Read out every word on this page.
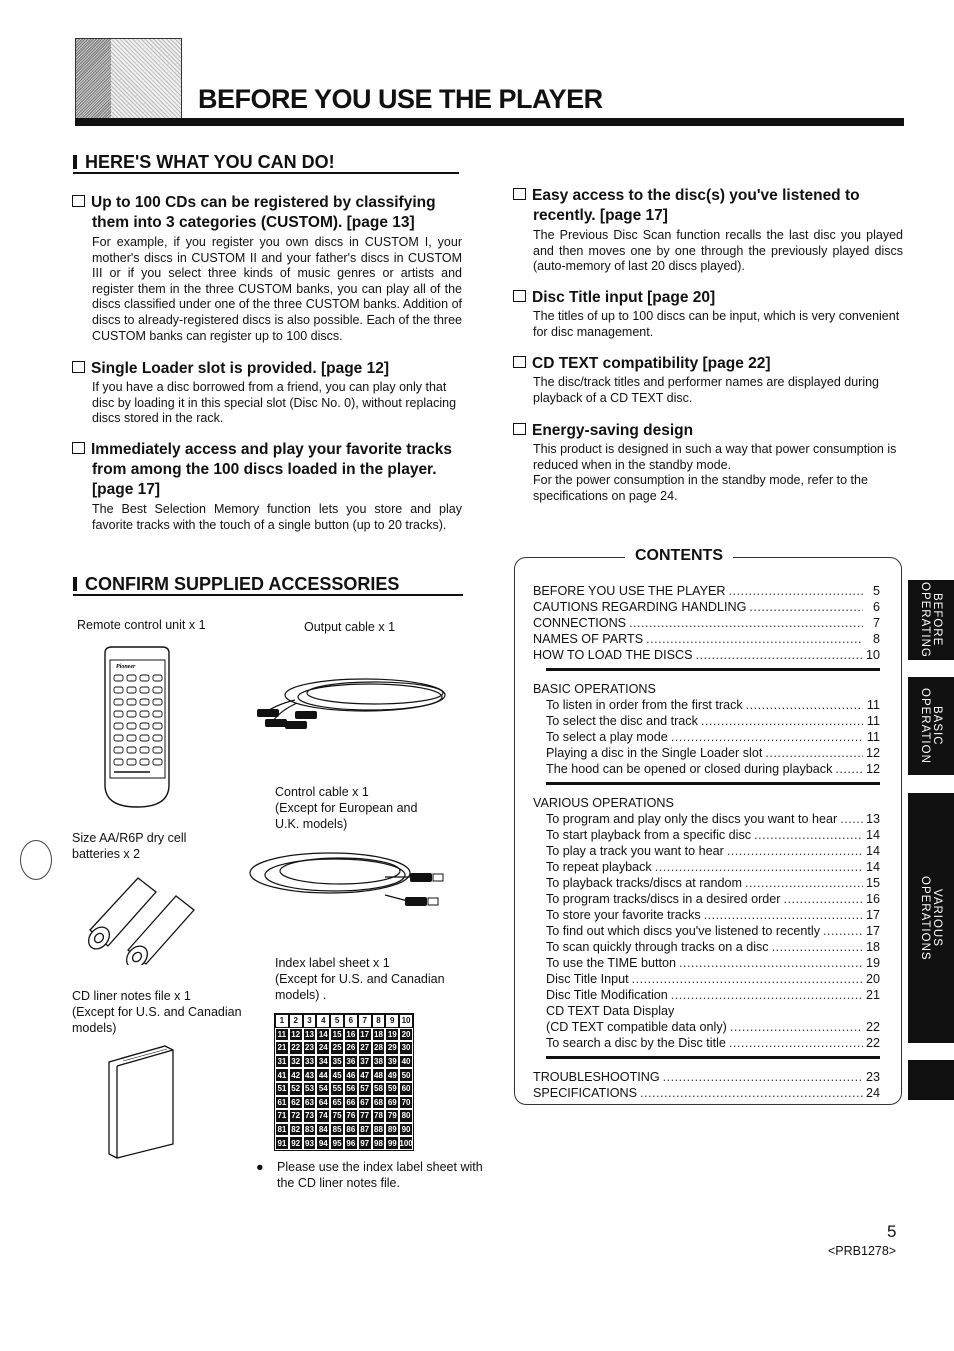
BEFORE YOU USE THE PLAYER
HERE'S WHAT YOU CAN DO!
Up to 100 CDs can be registered by classifying them into 3 categories (CUSTOM). [page 13]
For example, if you register you own discs in CUSTOM I, your mother's discs in CUSTOM II and your father's discs in CUSTOM III or if you select three kinds of music genres or artists and register them in the three CUSTOM banks, you can play all of the discs classified under one of the three CUSTOM banks. Addition of discs to already-registered discs is also possible. Each of the three CUSTOM banks can register up to 100 discs.
Single Loader slot is provided. [page 12]
If you have a disc borrowed from a friend, you can play only that disc by loading it in this special slot (Disc No. 0), without replacing discs stored in the rack.
Immediately access and play your favorite tracks from among the 100 discs loaded in the player. [page 17]
The Best Selection Memory function lets you store and play favorite tracks with the touch of a single button (up to 20 tracks).
Easy access to the disc(s) you've listened to recently. [page 17]
The Previous Disc Scan function recalls the last disc you played and then moves one by one through the previously played discs (auto-memory of last 20 discs played).
Disc Title input [page 20]
The titles of up to 100 discs can be input, which is very convenient for disc management.
CD TEXT compatibility [page 22]
The disc/track titles and performer names are displayed during playback of a CD TEXT disc.
Energy-saving design
This product is designed in such a way that power consumption is reduced when in the standby mode.
For the power consumption in the standby mode, refer to the specifications on page 24.
CONFIRM SUPPLIED ACCESSORIES
Remote control unit x 1	Output cable x 1
Pioneer
Control cable x 1
(Except for European and U.K. models)
Size AA/R6P dry cell batteries x 2
CD liner notes file x 1
(Except for U.S. and Canadian models)
Index label sheet x 1
(Except for U.S. and Canadian models) .
1	2	3	4	5	6	7	8	9 10
11 12 13 14 15 16 17 18 19 20
21 22 23 24 25 26 27 28 29 30
31 32 33 34 35 36 37 38 39 40
41 42 43 44 45 46 47 48 49 50
51 52 53 54 55 56 57 58 59 60
61 62 63 64 65 66 67 68 69 70
71 72 73 74 75 76 77 78 79 80
81 82 83 84 85 86 87 88 89 90
91 92 93 94 95 96 97 98 99 100
● Please use the index label sheet with the CD liner notes file.
CONTENTS
BEFORE YOU USE THE PLAYER .....	5
CAUTIONS REGARDING HANDLING .....	6
CONNECTIONS .....	7
NAMES OF PARTS .....	8
HOW TO LOAD THE DISCS .....	10
BASIC OPERATIONS
To listen in order from the first track .....	11
To select the disc and track .....	11
To select a play mode .....	11
Playing a disc in the Single Loader slot .....	12
The hood can be opened or closed during playback .....	12
VARIOUS OPERATIONS
To program and play only the discs you want to hear ..... 13
To start playback from a specific disc .....	14
To play a track you want to hear .....	14
To repeat playback .....	14
To playback tracks/discs at random .....	15
To program tracks/discs in a desired order .....	16
To store your favorite tracks .....	17
To find out which discs you've listened to recently .....	17
To scan quickly through tracks on a disc .....	18
To use the TIME button .....	19
Disc Title Input .....	20
Disc Title Modification .....	21
CD TEXT Data Display
(CD TEXT compatible data only) .....	22
To search a disc by the Disc title .....	22
TROUBLESHOOTING .....	23
SPECIFICATIONS .....	24
BEFORE
OPERATING
BASIC
OPERATION
VARIOUS
OPERATIONS
5
<PRB1278>
